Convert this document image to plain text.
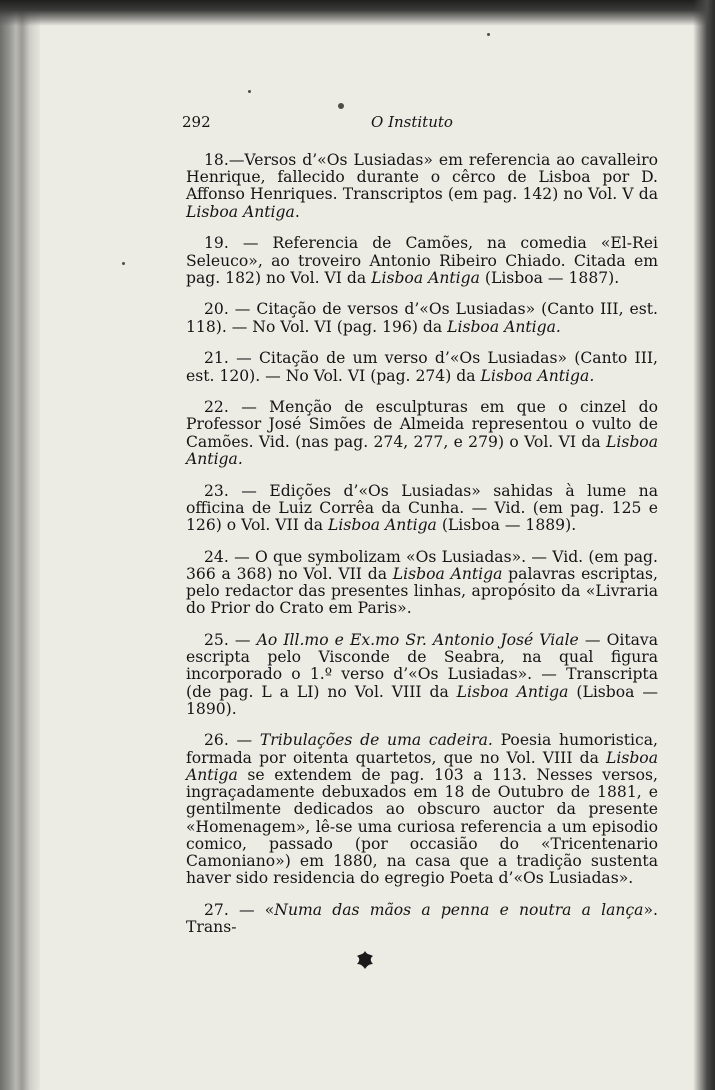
292	O Instituto

18.—Versos d’«Os Lusiadas» em referencia ao cavalleiro Henrique, fallecido durante o cêrco de Lisboa por D. Affonso Henriques. Transcriptos (em pag. 142) no Vol. V da Lisboa Antiga.

19. — Referencia de Camões, na comedia «El-Rei Seleuco», ao troveiro Antonio Ribeiro Chiado. Citada em pag. 182) no Vol. VI da Lisboa Antiga (Lisboa — 1887).

20. — Citação de versos d’«Os Lusiadas» (Canto III, est. 118). — No Vol. VI (pag. 196) da Lisboa Antiga.

21. — Citação de um verso d’«Os Lusiadas» (Canto III, est. 120). — No Vol. VI (pag. 274) da Lisboa Antiga.

22. — Menção de esculpturas em que o cinzel do Professor José Simões de Almeida representou o vulto de Camões. Vid. (nas pag. 274, 277, e 279) o Vol. VI da Lisboa Antiga.

23. — Edições d’«Os Lusiadas» sahidas à lume na officina de Luiz Corrêa da Cunha. — Vid. (em pag. 125 e 126) o Vol. VII da Lisboa Antiga (Lisboa — 1889).

24. — O que symbolizam «Os Lusiadas». — Vid. (em pag. 366 a 368) no Vol. VII da Lisboa Antiga palavras escriptas, pelo redactor das presentes linhas, apropósito da «Livraria do Prior do Crato em Paris».

25. — Ao Ill.mo e Ex.mo Sr. Antonio José Viale — Oitava escripta pelo Visconde de Seabra, na qual figura incorporado o 1.º verso d’«Os Lusiadas». — Transcripta (de pag. L a LI) no Vol. VIII da Lisboa Antiga (Lisboa — 1890).

26. — Tribulações de uma cadeira. Poesia humoristica, formada por oitenta quartetos, que no Vol. VIII da Lisboa Antiga se extendem de pag. 103 a 113. Nesses versos, ingraçadamente debuxados em 18 de Outubro de 1881, e gentilmente dedicados ao obscuro auctor da presente «Homenagem», lê-se uma curiosa referencia a um episodio comico, passado (por occasião do «Tricentenario Camoniano») em 1880, na casa que a tradição sustenta haver sido residencia do egregio Poeta d’«Os Lusiadas».

27. — «Numa das mãos a penna e noutra a lança». Trans-
